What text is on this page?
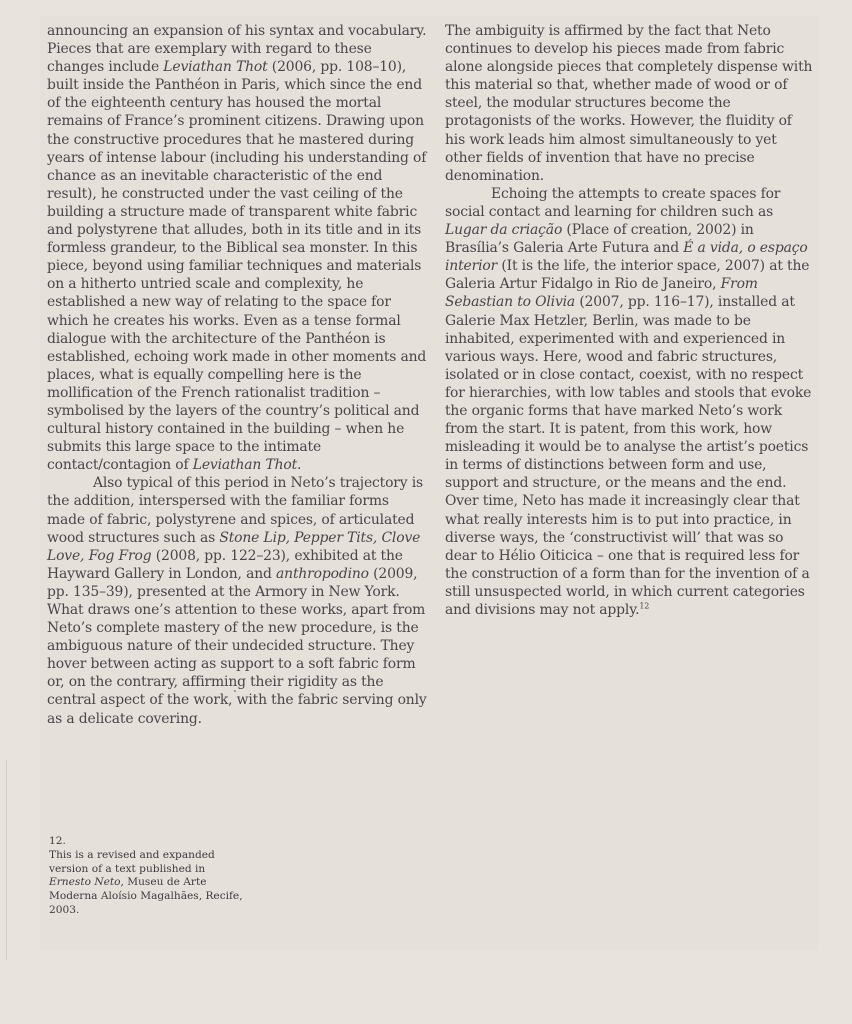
announcing an expansion of his syntax and vocabulary. Pieces that are exemplary with regard to these changes include Leviathan Thot (2006, pp. 108–10), built inside the Panthéon in Paris, which since the end of the eighteenth century has housed the mortal remains of France’s prominent citizens. Drawing upon the constructive procedures that he mastered during years of intense labour (including his understanding of chance as an inevitable characteristic of the end result), he constructed under the vast ceiling of the building a structure made of transparent white fabric and polystyrene that alludes, both in its title and in its formless grandeur, to the Biblical sea monster. In this piece, beyond using familiar techniques and materials on a hitherto untried scale and complexity, he established a new way of relating to the space for which he creates his works. Even as a tense formal dialogue with the architecture of the Panthéon is established, echoing work made in other moments and places, what is equally compelling here is the mollification of the French rationalist tradition – symbolised by the layers of the country’s political and cultural history contained in the building – when he submits this large space to the intimate contact/contagion of Leviathan Thot.

Also typical of this period in Neto’s trajectory is the addition, interspersed with the familiar forms made of fabric, polystyrene and spices, of articulated wood structures such as Stone Lip, Pepper Tits, Clove Love, Fog Frog (2008, pp. 122–23), exhibited at the Hayward Gallery in London, and anthropodino (2009, pp. 135–39), presented at the Armory in New York. What draws one’s attention to these works, apart from Neto’s complete mastery of the new procedure, is the ambiguous nature of their undecided structure. They hover between acting as support to a soft fabric form or, on the contrary, affirming their rigidity as the central aspect of the work, with the fabric serving only as a delicate covering.

The ambiguity is affirmed by the fact that Neto continues to develop his pieces made from fabric alone alongside pieces that completely dispense with this material so that, whether made of wood or of steel, the modular structures become the protagonists of the works. However, the fluidity of his work leads him almost simultaneously to yet other fields of invention that have no precise denomination.

Echoing the attempts to create spaces for social contact and learning for children such as Lugar da criação (Place of creation, 2002) in Brasília’s Galeria Arte Futura and É a vida, o espaço interior (It is the life, the interior space, 2007) at the Galeria Artur Fidalgo in Rio de Janeiro, From Sebastian to Olivia (2007, pp. 116–17), installed at Galerie Max Hetzler, Berlin, was made to be inhabited, experimented with and experienced in various ways. Here, wood and fabric structures, isolated or in close contact, coexist, with no respect for hierarchies, with low tables and stools that evoke the organic forms that have marked Neto’s work from the start. It is patent, from this work, how misleading it would be to analyse the artist’s poetics in terms of distinctions between form and use, support and structure, or the means and the end. Over time, Neto has made it increasingly clear that what really interests him is to put into practice, in diverse ways, the ‘constructivist will’ that was so dear to Hélio Oiticica – one that is required less for the construction of a form than for the invention of a still unsuspected world, in which current categories and divisions may not apply.$^{12}$

12.

This is a revised and expanded version of a text published in Ernesto Neto, Museu de Arte Moderna Aloísio Magalhães, Recife, 2003.
